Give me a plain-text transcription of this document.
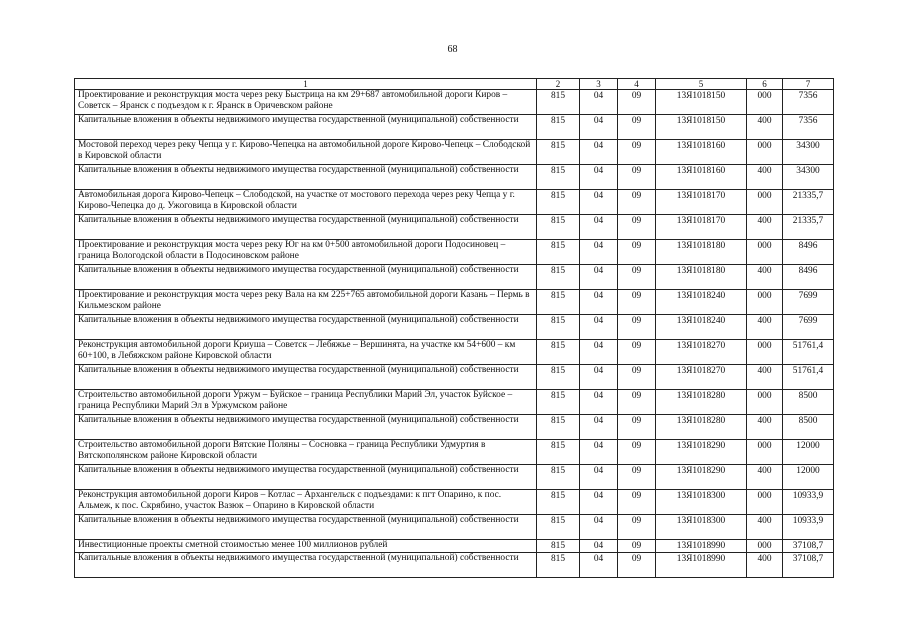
68
1	2	3	4	5	6	7
Проектирование и реконструкция моста через реку Быстрица на км 29+687 автомобильной дороги Киров – Советск – Яранск с подъездом к г. Яранск в Оричевском районе	815	04	09	13Я1018150	000	7356
Капитальные вложения в объекты недвижимого имущества государственной (муниципальной) собственности	815	04	09	13Я1018150	400	7356
Мостовой переход через реку Чепца у г. Кирово-Чепецка на автомобильной дороге Кирово-Чепецк – Слободской в Кировской области	815	04	09	13Я1018160	000	34300
Капитальные вложения в объекты недвижимого имущества государственной (муниципальной) собственности	815	04	09	13Я1018160	400	34300
Автомобильная дорога Кирово-Чепецк – Слободской, на участке от мостового перехода через реку Чепца у г. Кирово-Чепецка до д. Ужоговица в Кировской области	815	04	09	13Я1018170	000	21335,7
Капитальные вложения в объекты недвижимого имущества государственной (муниципальной) собственности	815	04	09	13Я1018170	400	21335,7
Проектирование и реконструкция моста через реку Юг на км 0+500 автомобильной дороги Подосиновец – граница Вологодской области в Подосиновском районе	815	04	09	13Я1018180	000	8496
Капитальные вложения в объекты недвижимого имущества государственной (муниципальной) собственности	815	04	09	13Я1018180	400	8496
Проектирование и реконструкция моста через реку Вала на км 225+765 автомобильной дороги Казань – Пермь в Кильмезском районе	815	04	09	13Я1018240	000	7699
Капитальные вложения в объекты недвижимого имущества государственной (муниципальной) собственности	815	04	09	13Я1018240	400	7699
Реконструкция автомобильной дороги Криуша – Советск – Лебяжье – Вершинята, на участке км 54+600 – км 60+100, в Лебяжском районе Кировской области	815	04	09	13Я1018270	000	51761,4
Капитальные вложения в объекты недвижимого имущества государственной (муниципальной) собственности	815	04	09	13Я1018270	400	51761,4
Строительство автомобильной дороги Уржум – Буйское – граница Республики Марий Эл, участок Буйское – граница Республики Марий Эл в Уржумском районе	815	04	09	13Я1018280	000	8500
Капитальные вложения в объекты недвижимого имущества государственной (муниципальной) собственности	815	04	09	13Я1018280	400	8500
Строительство автомобильной дороги Вятские Поляны – Сосновка – граница Республики Удмуртия в Вятскополянском районе Кировской области	815	04	09	13Я1018290	000	12000
Капитальные вложения в объекты недвижимого имущества государственной (муниципальной) собственности	815	04	09	13Я1018290	400	12000
Реконструкция автомобильной дороги Киров – Котлас – Архангельск с подъездами: к пгт Опарино, к пос. Альмеж, к пос. Скрябино, участок Вазюк – Опарино в Кировской области	815	04	09	13Я1018300	000	10933,9
Капитальные вложения в объекты недвижимого имущества государственной (муниципальной) собственности	815	04	09	13Я1018300	400	10933,9
Инвестиционные проекты сметной стоимостью менее 100 миллионов рублей	815	04	09	13Я1018990	000	37108,7
Капитальные вложения в объекты недвижимого имущества государственной (муниципальной) собственности	815	04	09	13Я1018990	400	37108,7
